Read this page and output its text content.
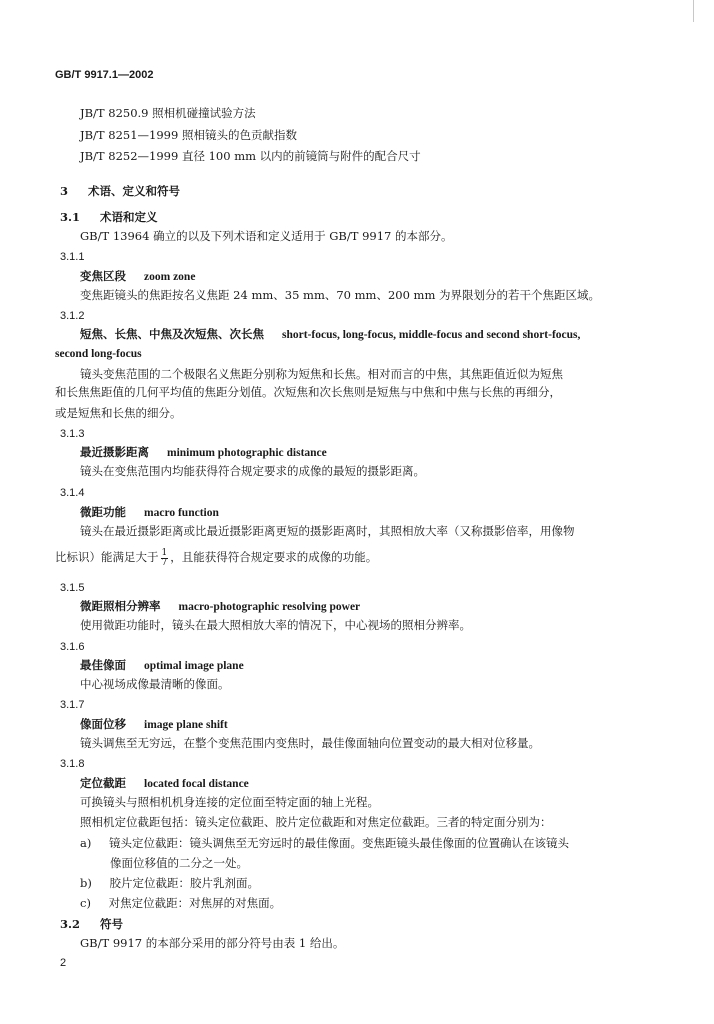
GB/T 9917.1—2002
JB/T 8250.9 照相机碰撞试验方法
JB/T 8251—1999 照相镜头的色贡献指数
JB/T 8252—1999 直径 100 mm 以内的前镜筒与附件的配合尺寸
3 术语、定义和符号
3.1 术语和定义
GB/T 13964 确立的以及下列术语和定义适用于 GB/T 9917 的本部分。
3.1.1
变焦区段 zoom zone
变焦距镜头的焦距按名义焦距 24 mm、35 mm、70 mm、200 mm 为界限划分的若干个焦距区域。
3.1.2
短焦、长焦、中焦及次短焦、次长焦 short-focus, long-focus, middle-focus and second short-focus,
second long-focus
镜头变焦范围的二个极限名义焦距分别称为短焦和长焦。相对而言的中焦，其焦距值近似为短焦
和长焦焦距值的几何平均值的焦距分划值。次短焦和次长焦则是短焦与中焦和中焦与长焦的再细分，
或是短焦和长焦的细分。
3.1.3
最近摄影距离 minimum photographic distance
镜头在变焦范围内均能获得符合规定要求的成像的最短的摄影距离。
3.1.4
微距功能 macro function
镜头在最近摄影距离或比最近摄影距离更短的摄影距离时，其照相放大率（又称摄影倍率，用像物
比标识）能满足大于 $\frac{1}{7}$ ，且能获得符合规定要求的成像的功能。
3.1.5
微距照相分辨率 macro-photographic resolving power
使用微距功能时，镜头在最大照相放大率的情况下，中心视场的照相分辨率。
3.1.6
最佳像面 optimal image plane
中心视场成像最清晰的像面。
3.1.7
像面位移 image plane shift
镜头调焦至无穷远，在整个变焦范围内变焦时，最佳像面轴向位置变动的最大相对位移量。
3.1.8
定位截距 located focal distance
可换镜头与照相机机身连接的定位面至特定面的轴上光程。
照相机定位截距包括：镜头定位截距、胶片定位截距和对焦定位截距。三者的特定面分别为：
a) 镜头定位截距：镜头调焦至无穷远时的最佳像面。变焦距镜头最佳像面的位置确认在该镜头
像面位移值的二分之一处。
b) 胶片定位截距：胶片乳剂面。
c) 对焦定位截距：对焦屏的对焦面。
3.2 符号
GB/T 9917 的本部分采用的部分符号由表 1 给出。
2
